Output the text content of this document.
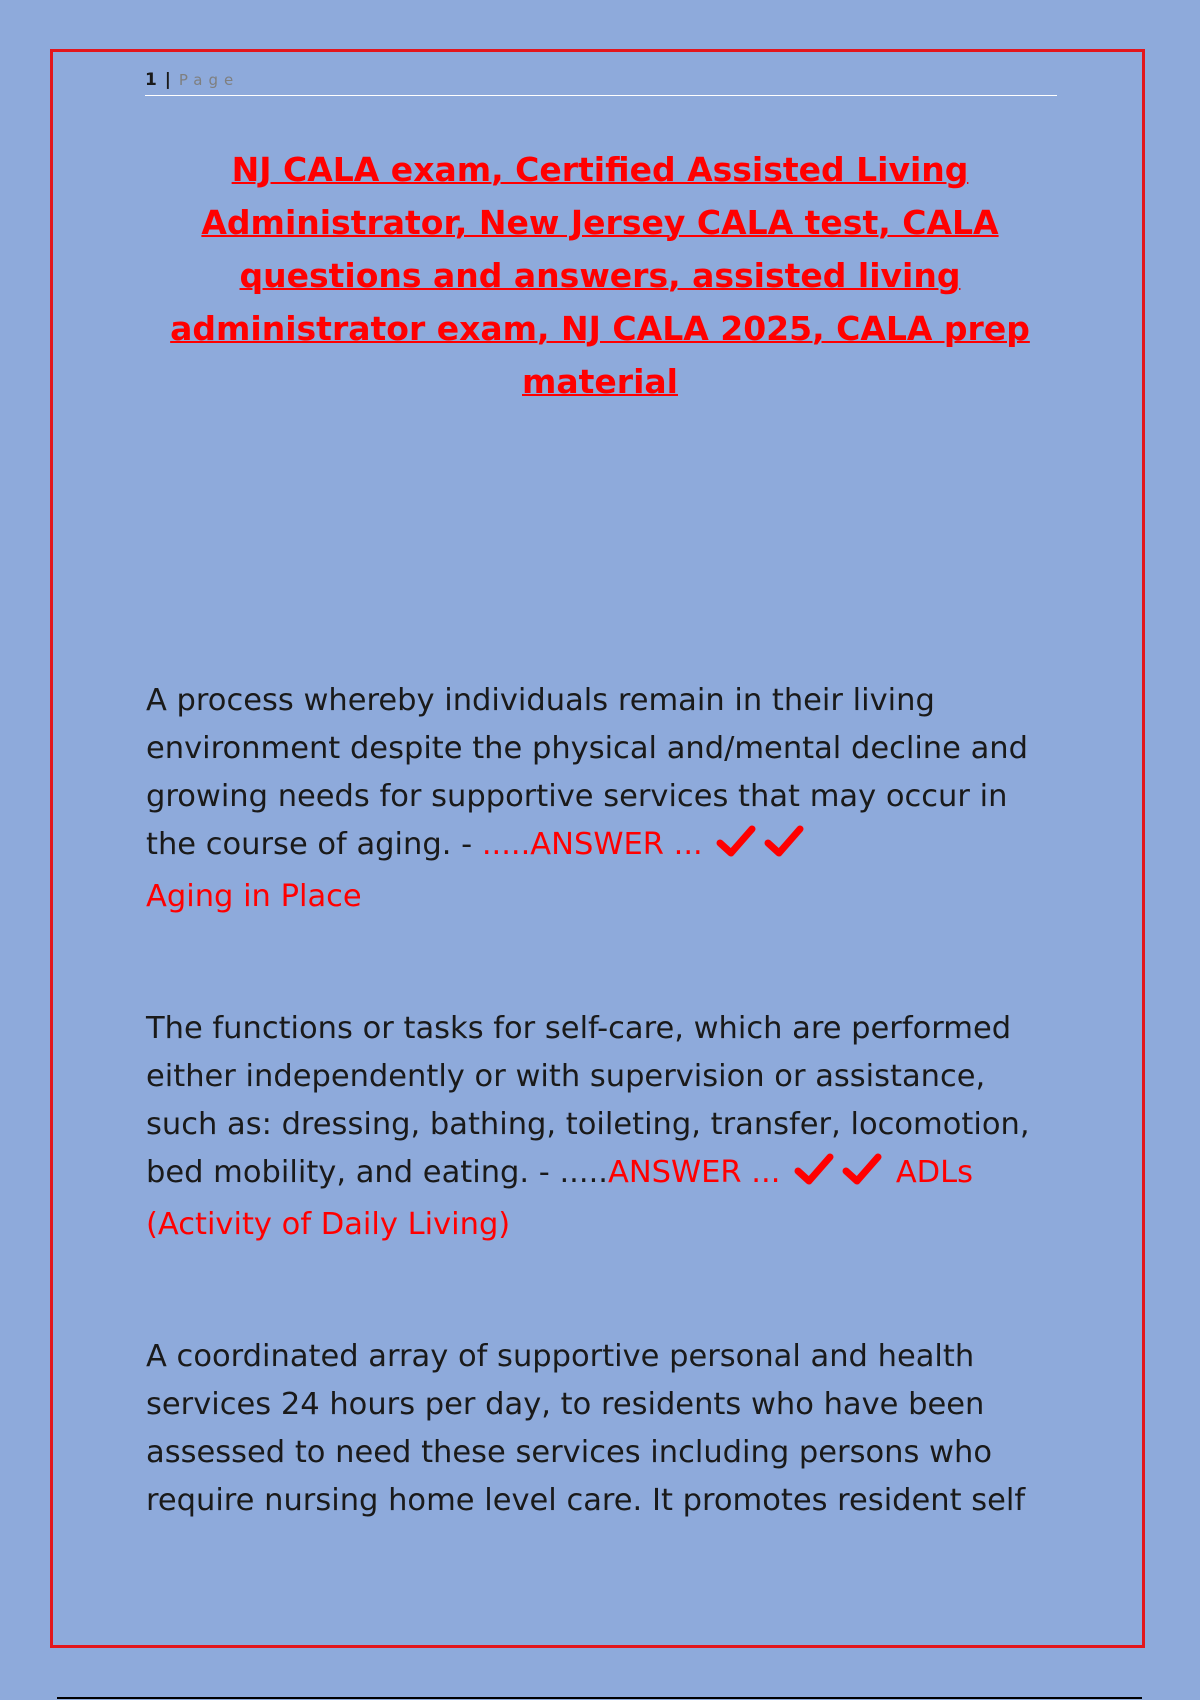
1 | Page
NJ CALA exam, Certified Assisted Living Administrator, New Jersey CALA test, CALA questions and answers, assisted living administrator exam, NJ CALA 2025, CALA prep material
A process whereby individuals remain in their living environment despite the physical and/mental decline and growing needs for supportive services that may occur in the course of aging. - .....ANSWER ...
Aging in Place
The functions or tasks for self-care, which are performed either independently or with supervision or assistance, such as: dressing, bathing, toileting, transfer, locomotion, bed mobility, and eating. - .....ANSWER ...	ADLs (Activity of Daily Living)
A coordinated array of supportive personal and health services 24 hours per day, to residents who have been assessed to need these services including persons who require nursing home level care. It promotes resident self
